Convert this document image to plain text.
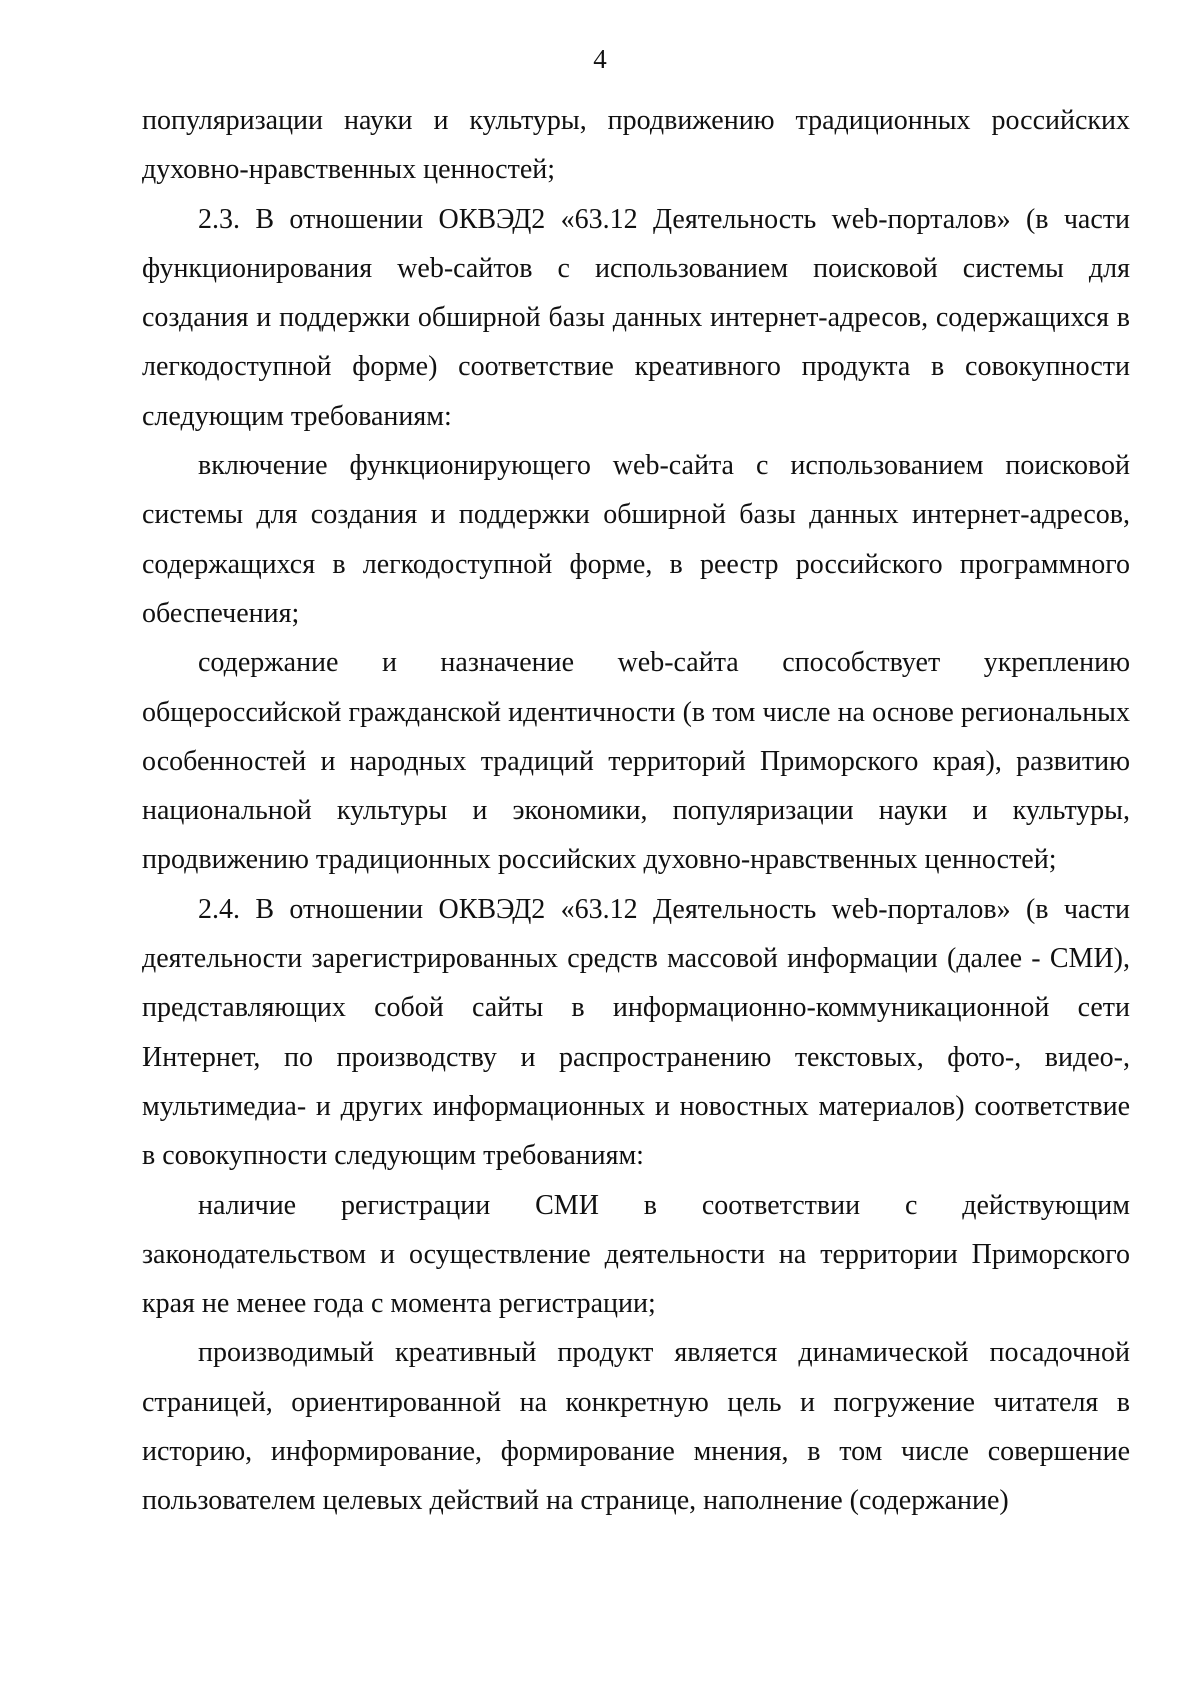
4

популяризации науки и культуры, продвижению традиционных российских духовно-нравственных ценностей;

2.3. В отношении ОКВЭД2 «63.12 Деятельность web-порталов» (в части функционирования web-сайтов с использованием поисковой системы для создания и поддержки обширной базы данных интернет-адресов, содержащихся в легкодоступной форме) соответствие креативного продукта в совокупности следующим требованиям:

включение функционирующего web-сайта с использованием поисковой системы для создания и поддержки обширной базы данных интернет-адресов, содержащихся в легкодоступной форме, в реестр российского программного обеспечения;

содержание и назначение web-сайта способствует укреплению общероссийской гражданской идентичности (в том числе на основе региональных особенностей и народных традиций территорий Приморского края), развитию национальной культуры и экономики, популяризации науки и культуры, продвижению традиционных российских духовно-нравственных ценностей;

2.4. В отношении ОКВЭД2 «63.12 Деятельность web-порталов» (в части деятельности зарегистрированных средств массовой информации (далее - СМИ), представляющих собой сайты в информационно-коммуникационной сети Интернет, по производству и распространению текстовых, фото-, видео-, мультимедиа- и других информационных и новостных материалов) соответствие в совокупности следующим требованиям:

наличие регистрации СМИ в соответствии с действующим законодательством и осуществление деятельности на территории Приморского края не менее года с момента регистрации;

производимый креативный продукт является динамической посадочной страницей, ориентированной на конкретную цель и погружение читателя в историю, информирование, формирование мнения, в том числе совершение пользователем целевых действий на странице, наполнение (содержание)
